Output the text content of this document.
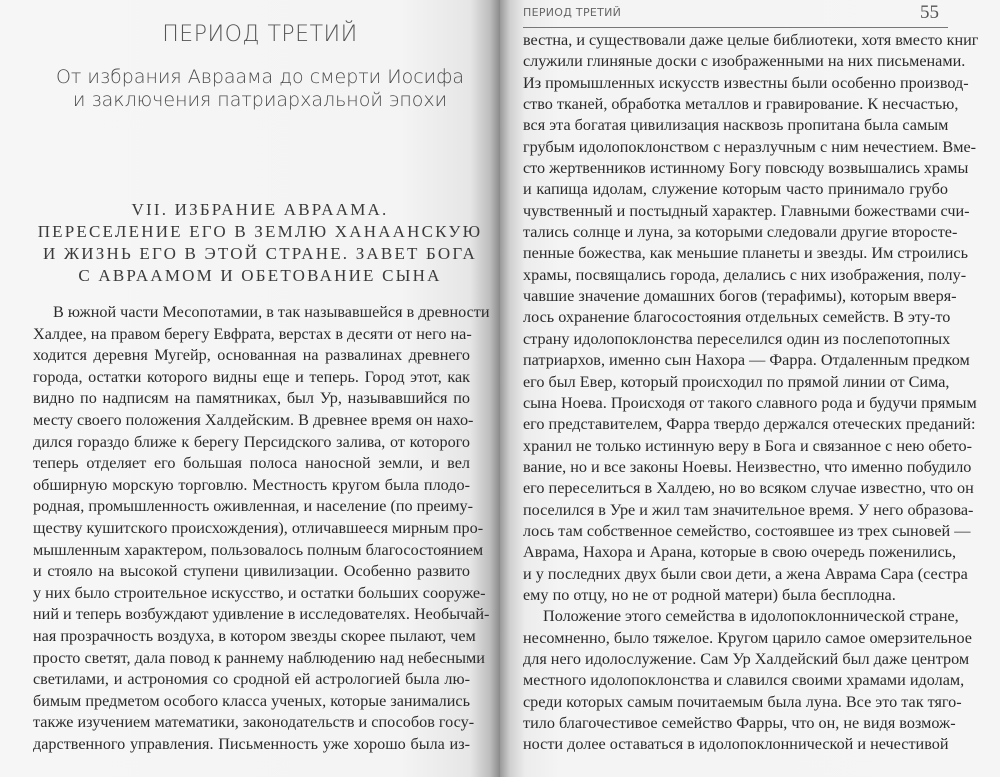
ПЕРИОД ТРЕТИЙ
От избрания Авраама до смерти Иосифа
и заключения патриархальной эпохи
VII. ИЗБРАНИЕ АВРААМА.
ПЕРЕСЕЛЕНИЕ ЕГО В ЗЕМЛЮ ХАНААНСКУЮ
И ЖИЗНЬ ЕГО В ЭТОЙ СТРАНЕ. ЗАВЕТ БОГА
С АВРААМОМ И ОБЕТОВАНИЕ СЫНА
В южной части Месопотамии, в так называвшейся в древности
Халдее, на правом берегу Евфрата, верстах в десяти от него на-
ходится деревня Мугейр, основанная на развалинах древнего
города, остатки которого видны еще и теперь. Город этот, как
видно по надписям на памятниках, был Ур, называвшийся по
месту своего положения Халдейским. В древнее время он нахо-
дился гораздо ближе к берегу Персидского залива, от которого
теперь отделяет его большая полоса наносной земли, и вел
обширную морскую торговлю. Местность кругом была плодо-
родная, промышленность оживленная, и население (по преиму-
ществу кушитского происхождения), отличавшееся мирным про-
мышленным характером, пользовалось полным благосостоянием
и стояло на высокой ступени цивилизации. Особенно развито
у них было строительное искусство, и остатки больших сооруже-
ний и теперь возбуждают удивление в исследователях. Необычай-
ная прозрачность воздуха, в котором звезды скорее пылают, чем
просто светят, дала повод к раннему наблюдению над небесными
светилами, и астрономия со сродной ей астрологией была лю-
бимым предметом особого класса ученых, которые занимались
также изучением математики, законодательств и способов госу-
дарственного управления. Письменность уже хорошо была из-
ПЕРИОД ТРЕТИЙ	55
вестна, и существовали даже целые библиотеки, хотя вместо книг
служили глиняные доски с изображенными на них письменами.
Из промышленных искусств известны были особенно производ-
ство тканей, обработка металлов и гравирование. К несчастью,
вся эта богатая цивилизация насквозь пропитана была самым
грубым идолопоклонством с неразлучным с ним нечестием. Вме-
сто жертвенников истинному Богу повсюду возвышались храмы
и капища идолам, служение которым часто принимало грубо
чувственный и постыдный характер. Главными божествами счи-
тались солнце и луна, за которыми следовали другие второсте-
пенные божества, как меньшие планеты и звезды. Им строились
храмы, посвящались города, делались с них изображения, полу-
чавшие значение домашних богов (терафимы), которым вверя-
лось охранение благосостояния отдельных семейств. В эту-то
страну идолопоклонства переселился один из послепотопных
патриархов, именно сын Нахора — Фарра. Отдаленным предком
его был Евер, который происходил по прямой линии от Сима,
сына Ноева. Происходя от такого славного рода и будучи прямым
его представителем, Фарра твердо держался отеческих преданий:
хранил не только истинную веру в Бога и связанное с нею обето-
вание, но и все законы Ноевы. Неизвестно, что именно побудило
его переселиться в Халдею, но во всяком случае известно, что он
поселился в Уре и жил там значительное время. У него образова-
лось там собственное семейство, состоявшее из трех сыновей —
Аврама, Нахора и Арана, которые в свою очередь поженились,
и у последних двух были свои дети, а жена Аврама Сара (сестра
ему по отцу, но не от родной матери) была бесплодна.
Положение этого семейства в идолопоклоннической стране,
несомненно, было тяжелое. Кругом царило самое омерзительное
для него идолослужение. Сам Ур Халдейский был даже центром
местного идолопоклонства и славился своими храмами идолам,
среди которых самым почитаемым была луна. Все это так тяго-
тило благочестивое семейство Фарры, что он, не видя возмож-
ности долее оставаться в идолопоклоннической и нечестивой
